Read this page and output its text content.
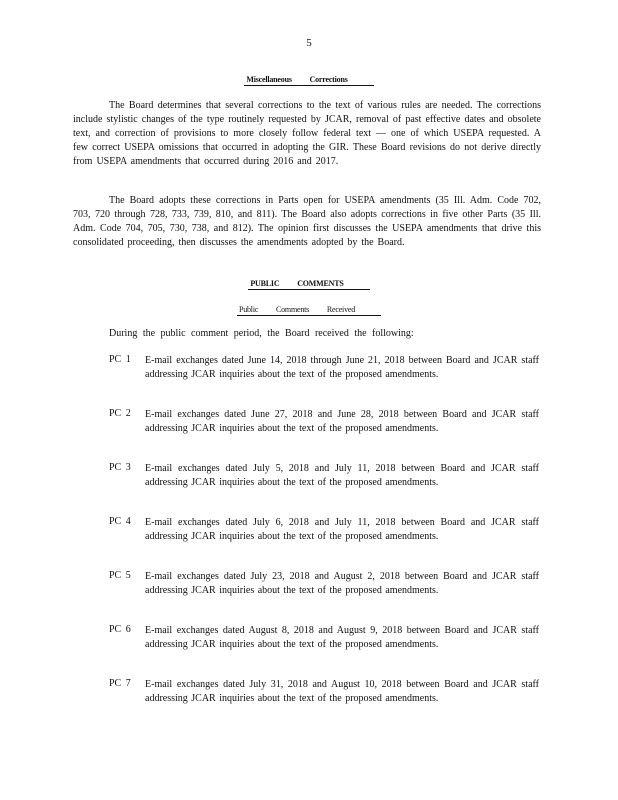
5
Miscellaneous Corrections

The Board determines that several corrections to the text of various rules are needed. The corrections include stylistic changes of the type routinely requested by JCAR, removal of past effective dates and obsolete text, and correction of provisions to more closely follow federal text — one of which USEPA requested. A few correct USEPA omissions that occurred in adopting the GIR. These Board revisions do not derive directly from USEPA amendments that occurred during 2016 and 2017.

The Board adopts these corrections in Parts open for USEPA amendments (35 Ill. Adm. Code 702, 703, 720 through 728, 733, 739, 810, and 811). The Board also adopts corrections in five other Parts (35 Ill. Adm. Code 704, 705, 730, 738, and 812). The opinion first discusses the USEPA amendments that drive this consolidated proceeding, then discusses the amendments adopted by the Board.

PUBLIC COMMENTS
Public Comments Received
During the public comment period, the Board received the following:
PC 1	E-mail exchanges dated June 14, 2018 through June 21, 2018 between Board and JCAR staff addressing JCAR inquiries about the text of the proposed amendments.
PC 2	E-mail exchanges dated June 27, 2018 and June 28, 2018 between Board and JCAR staff addressing JCAR inquiries about the text of the proposed amendments.
PC 3	E-mail exchanges dated July 5, 2018 and July 11, 2018 between Board and JCAR staff addressing JCAR inquiries about the text of the proposed amendments.
PC 4	E-mail exchanges dated July 6, 2018 and July 11, 2018 between Board and JCAR staff addressing JCAR inquiries about the text of the proposed amendments.
PC 5	E-mail exchanges dated July 23, 2018 and August 2, 2018 between Board and JCAR staff addressing JCAR inquiries about the text of the proposed amendments.
PC 6	E-mail exchanges dated August 8, 2018 and August 9, 2018 between Board and JCAR staff addressing JCAR inquiries about the text of the proposed amendments.
PC 7	E-mail exchanges dated July 31, 2018 and August 10, 2018 between Board and JCAR staff addressing JCAR inquiries about the text of the proposed amendments.
